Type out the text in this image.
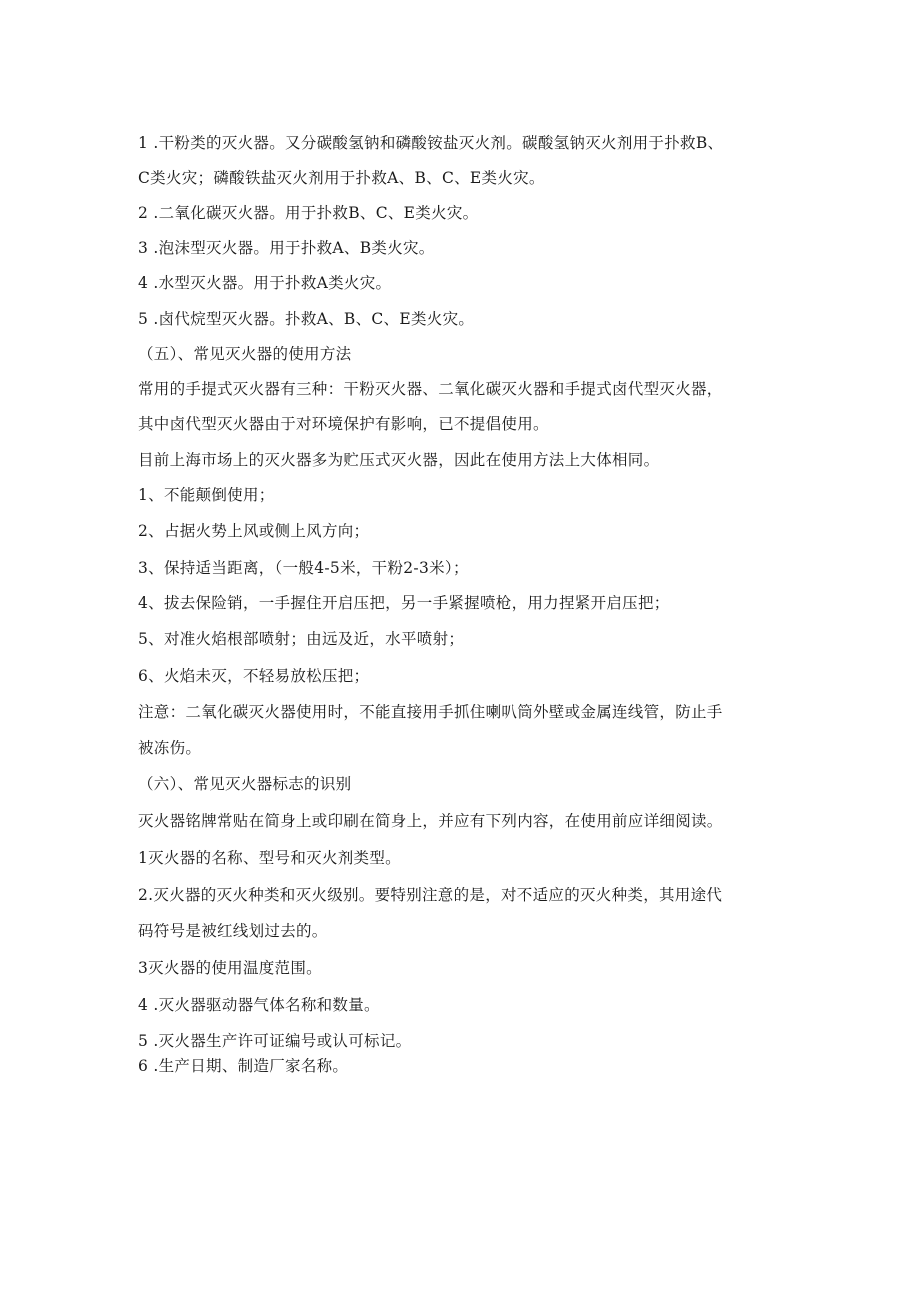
1 .干粉类的灭火器。又分碳酸氢钠和磷酸铵盐灭火剂。碳酸氢钠灭火剂用于扑救B、
C类火灾；磷酸铁盐灭火剂用于扑救A、B、C、E类火灾。
2 .二氧化碳灭火器。用于扑救B、C、E类火灾。
3 .泡沫型灭火器。用于扑救A、B类火灾。
4 .水型灭火器。用于扑救A类火灾。
5 .卤代烷型灭火器。扑救A、B、C、E类火灾。
（五）、常见灭火器的使用方法
常用的手提式灭火器有三种：干粉灭火器、二氧化碳灭火器和手提式卤代型灭火器，
其中卤代型灭火器由于对环境保护有影响，已不提倡使用。
目前上海市场上的灭火器多为贮压式灭火器，因此在使用方法上大体相同。
1、不能颠倒使用；
2、占据火势上风或侧上风方向；
3、保持适当距离，（一般4-5米，干粉2-3米）；
4、拔去保险销，一手握住开启压把，另一手紧握喷枪，用力捏紧开启压把；
5、对准火焰根部喷射；由远及近，水平喷射；
6、火焰未灭，不轻易放松压把；
注意：二氧化碳灭火器使用时，不能直接用手抓住喇叭筒外壁或金属连线管，防止手
被冻伤。
（六）、常见灭火器标志的识别
灭火器铭牌常贴在简身上或印刷在简身上，并应有下列内容，在使用前应详细阅读。
1灭火器的名称、型号和灭火剂类型。
2.灭火器的灭火种类和灭火级别。要特别注意的是，对不适应的灭火种类，其用途代
码符号是被红线划过去的。
3灭火器的使用温度范围。
4 .灭火器驱动器气体名称和数量。
5 .灭火器生产许可证编号或认可标记。
6 .生产日期、制造厂家名称。
